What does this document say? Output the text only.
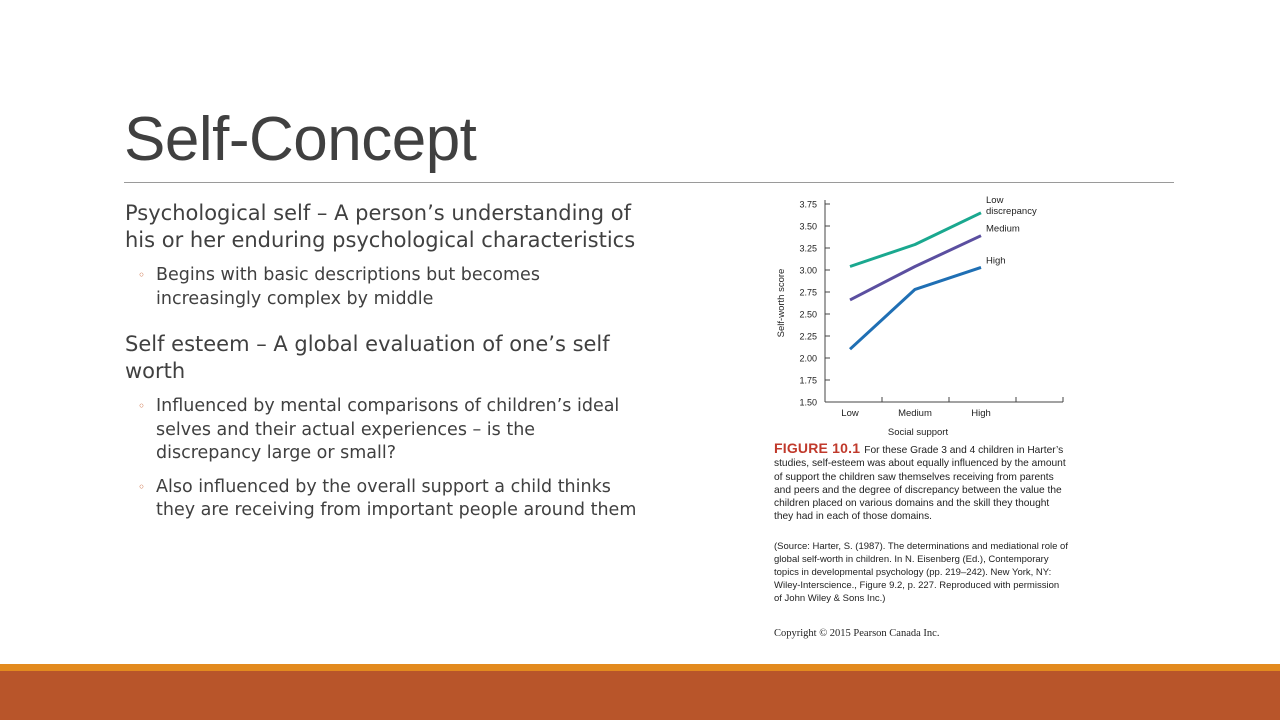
Self-Concept
Psychological self – A person’s understanding of his or her enduring psychological characteristics
◦ Begins with basic descriptions but becomes increasingly complex by middle
Self esteem – A global evaluation of one’s self worth
◦ Influenced by mental comparisons of children’s ideal selves and their actual experiences – is the discrepancy large or small?
◦ Also influenced by the overall support a child thinks they are receiving from important people around them
1.50
1.75
2.00
2.25
2.50
2.75
3.00
3.25
3.50
3.75
Low	Medium	High
Social support
Self-worth score
Low
discrepancy
Medium
High
FIGURE 10.1 For these Grade 3 and 4 children in Harter’s studies, self-esteem was about equally influenced by the amount of support the children saw themselves receiving from parents and peers and the degree of discrepancy between the value the children placed on various domains and the skill they thought they had in each of those domains.
(Source: Harter, S. (1987). The determinations and mediational role of global self-worth in children. In N. Eisenberg (Ed.), Contemporary topics in developmental psychology (pp. 219–242). New York, NY: Wiley-Interscience., Figure 9.2, p. 227. Reproduced with permission of John Wiley & Sons Inc.)
Copyright © 2015 Pearson Canada Inc.
